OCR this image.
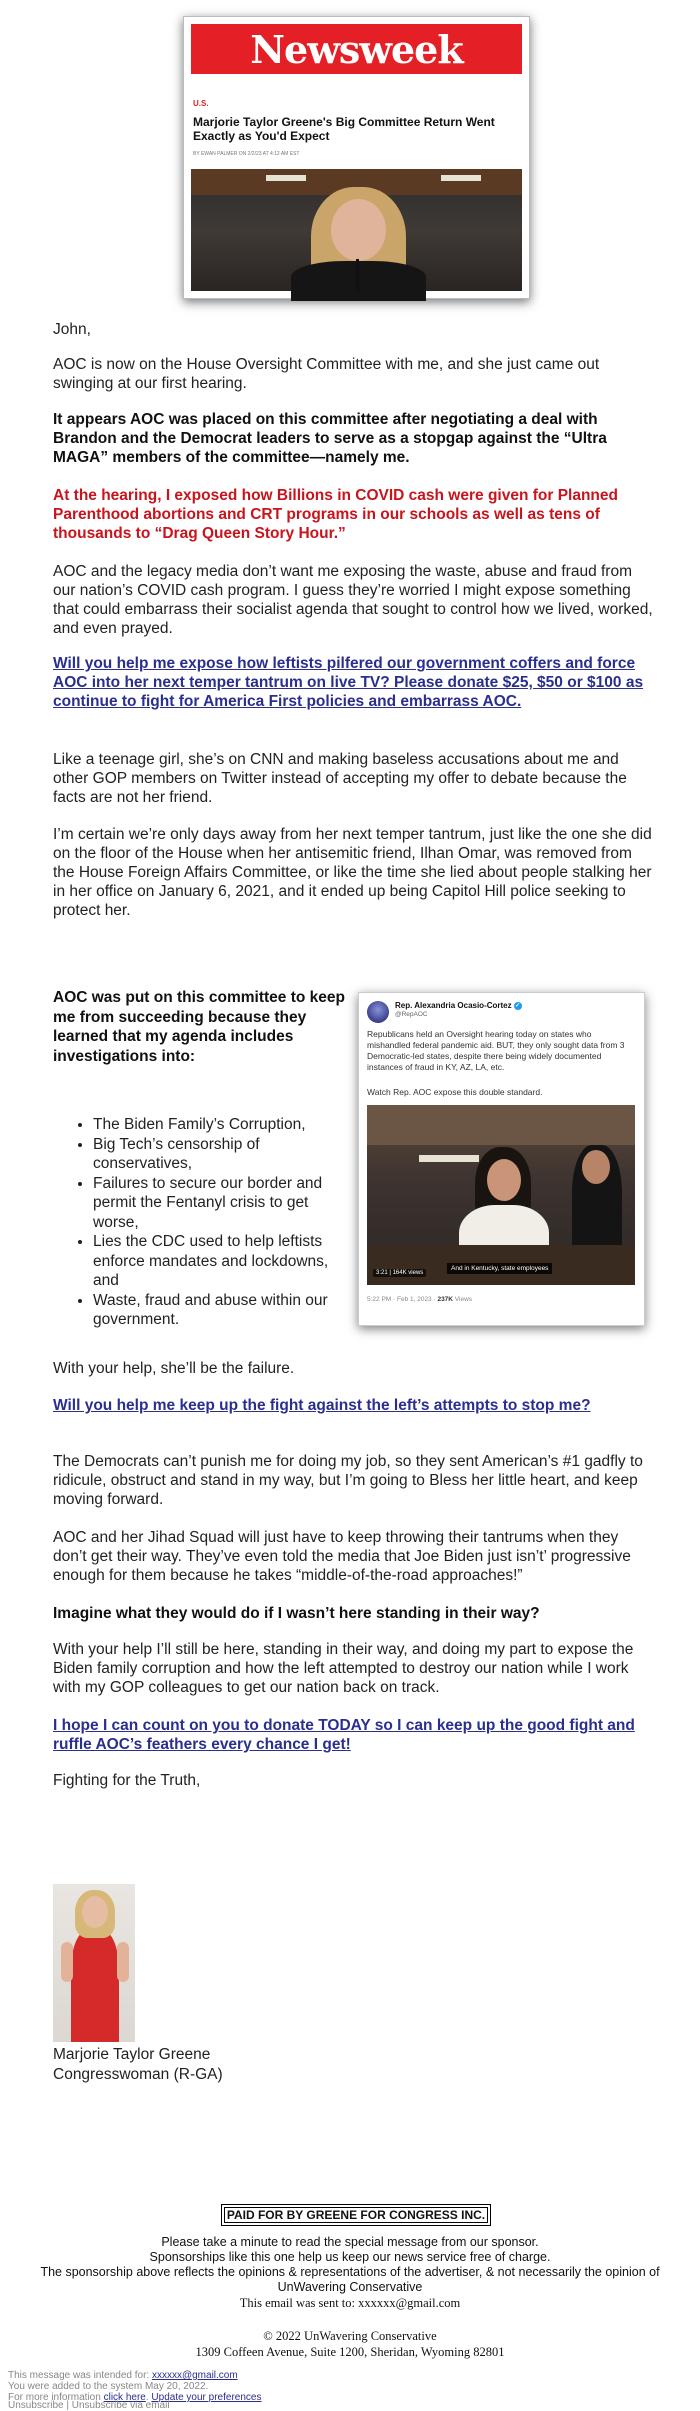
Newsweek
U.S.
Marjorie Taylor Greene's Big Committee Return Went Exactly as You'd Expect
BY EWAN PALMER ON 2/2/23 AT 4:12 AM EST

John,

AOC is now on the House Oversight Committee with me, and she just came out swinging at our first hearing.

It appears AOC was placed on this committee after negotiating a deal with Brandon and the Democrat leaders to serve as a stopgap against the “Ultra MAGA” members of the committee—namely me.

At the hearing, I exposed how Billions in COVID cash were given for Planned Parenthood abortions and CRT programs in our schools as well as tens of thousands to “Drag Queen Story Hour.”

AOC and the legacy media don’t want me exposing the waste, abuse and fraud from our nation’s COVID cash program. I guess they’re worried I might expose something that could embarrass their socialist agenda that sought to control how we lived, worked, and even prayed.

Will you help me expose how leftists pilfered our government coffers and force AOC into her next temper tantrum on live TV? Please donate $25, $50 or $100 as continue to fight for America First policies and embarrass AOC.

Like a teenage girl, she’s on CNN and making baseless accusations about me and other GOP members on Twitter instead of accepting my offer to debate because the facts are not her friend.

I’m certain we’re only days away from her next temper tantrum, just like the one she did on the floor of the House when her antisemitic friend, Ilhan Omar, was removed from the House Foreign Affairs Committee, or like the time she lied about people stalking her in her office on January 6, 2021, and it ended up being Capitol Hill police seeking to protect her.

AOC was put on this committee to keep me from succeeding because they learned that my agenda includes investigations into:

• The Biden Family’s Corruption,
• Big Tech’s censorship of conservatives,
• Failures to secure our border and permit the Fentanyl crisis to get worse,
• Lies the CDC used to help leftists enforce mandates and lockdowns, and
• Waste, fraud and abuse within our government.
Rep. Alexandria Ocasio-Cortez ✓
@RepAOC

Republicans held an Oversight hearing today on states who mishandled federal pandemic aid. BUT, they only sought data from 3 Democratic-led states, despite there being widely documented instances of fraud in KY, AZ, LA, etc.

Watch Rep. AOC expose this double standard.

3:21 | 164K views
And in Kentucky, state employees
5:22 PM · Feb 1, 2023 · 237K Views

With your help, she’ll be the failure.

Will you help me keep up the fight against the left’s attempts to stop me?

The Democrats can’t punish me for doing my job, so they sent American’s #1 gadfly to ridicule, obstruct and stand in my way, but I’m going to Bless her little heart, and keep moving forward.

AOC and her Jihad Squad will just have to keep throwing their tantrums when they don’t get their way. They’ve even told the media that Joe Biden just isn’t’ progressive enough for them because he takes “middle-of-the-road approaches!”

Imagine what they would do if I wasn’t here standing in their way?

With your help I’ll still be here, standing in their way, and doing my part to expose the Biden family corruption and how the left attempted to destroy our nation while I work with my GOP colleagues to get our nation back on track.

I hope I can count on you to donate TODAY so I can keep up the good fight and ruffle AOC’s feathers every chance I get!

Fighting for the Truth,

Marjorie Taylor Greene
Congresswoman (R-GA)

PAID FOR BY GREENE FOR CONGRESS INC.

Please take a minute to read the special message from our sponsor.

Sponsorships like this one help us keep our news service free of charge.

The sponsorship above reflects the opinions & representations of the advertiser, & not necessarily the opinion of UnWavering Conservative

This email was sent to: xxxxxx@gmail.com

© 2022 UnWavering Conservative

1309 Coffeen Avenue, Suite 1200, Sheridan, Wyoming 82801

This message was intended for: xxxxxx@gmail.com

You were added to the system May 20, 2022.

For more information click here. Update your preferences

Unsubscribe | Unsubscribe via email
